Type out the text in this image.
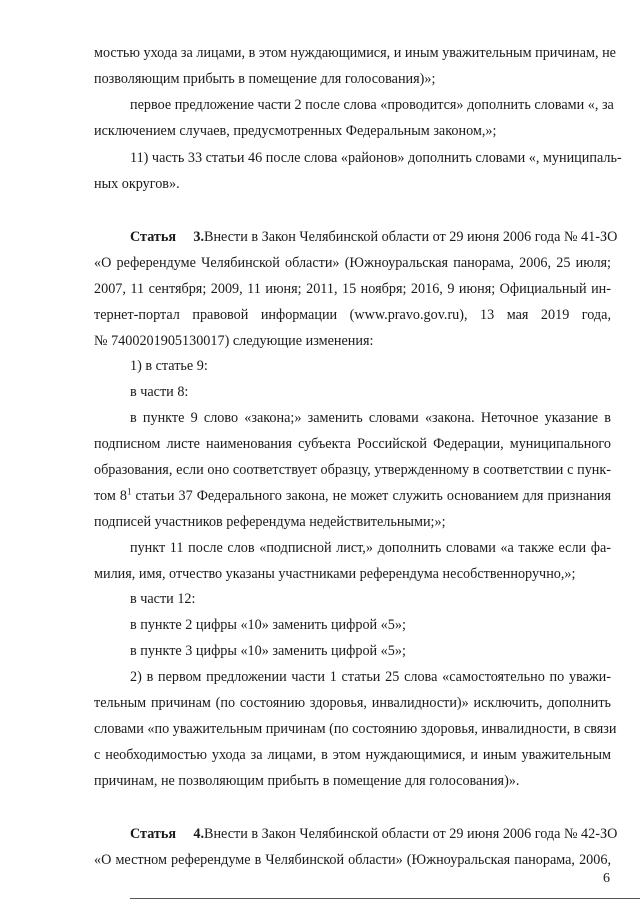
мостью ухода за лицами, в этом нуждающимися, и иным уважительным причинам, не
позволяющим прибыть в помещение для голосования)»;
первое предложение части 2 после слова «проводится» дополнить словами «, за
исключением случаев, предусмотренных Федеральным законом,»;
11) часть 33 статьи 46 после слова «районов» дополнить словами «, муниципаль-
ных округов».
Статья 3.Внести в Закон Челябинской области от 29 июня 2006 года № 41-ЗО
«О референдуме Челябинской области» (Южноуральская панорама, 2006, 25 июля;
2007, 11 сентября; 2009, 11 июня; 2011, 15 ноября; 2016, 9 июня; Официальный ин-
тернет-портал правовой информации (www.pravo.gov.ru), 13 мая 2019 года,
№ 7400201905130017) следующие изменения:
1) в статье 9:
в части 8:
в пункте 9 слово «закона;» заменить словами «закона. Неточное указание в
подписном листе наименования субъекта Российской Федерации, муниципального
образования, если оно соответствует образцу, утвержденному в соответствии с пунк-
том $8^1$ статьи 37 Федерального закона, не может служить основанием для признания
подписей участников референдума недействительными;»;
пункт 11 после слов «подписной лист,» дополнить словами «а также если фа-
милия, имя, отчество указаны участниками референдума несобственноручно,»;
в части 12:
в пункте 2 цифры «10» заменить цифрой «5»;
в пункте 3 цифры «10» заменить цифрой «5»;
2) в первом предложении части 1 статьи 25 слова «самостоятельно по уважи-
тельным причинам (по состоянию здоровья, инвалидности)» исключить, дополнить
словами «по уважительным причинам (по состоянию здоровья, инвалидности, в связи
с необходимостью ухода за лицами, в этом нуждающимися, и иным уважительным
причинам, не позволяющим прибыть в помещение для голосования)».
Статья 4.Внести в Закон Челябинской области от 29 июня 2006 года № 42-ЗО
«О местном референдуме в Челябинской области» (Южноуральская панорама, 2006,
6
